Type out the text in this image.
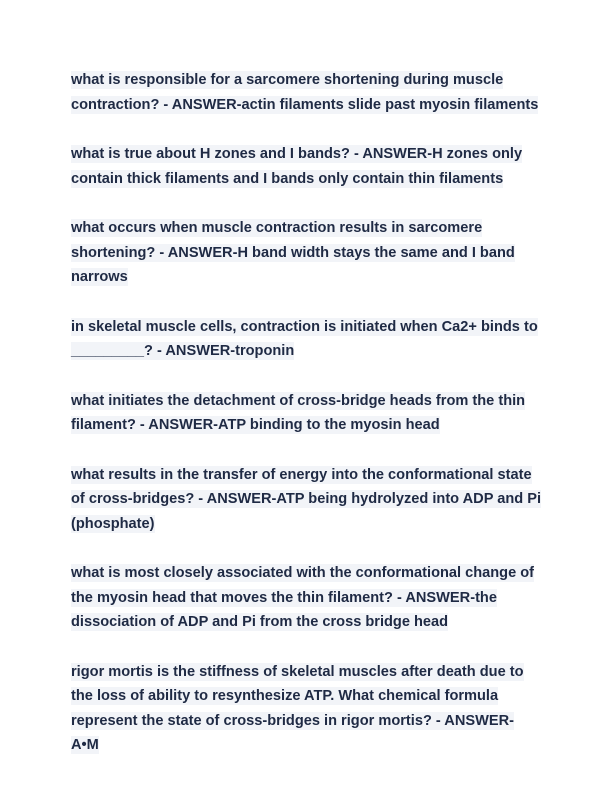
what is responsible for a sarcomere shortening during muscle contraction? - ANSWER-actin filaments slide past myosin filaments

what is true about H zones and I bands? - ANSWER-H zones only contain thick filaments and I bands only contain thin filaments

what occurs when muscle contraction results in sarcomere shortening? - ANSWER-H band width stays the same and I band narrows

in skeletal muscle cells, contraction is initiated when Ca2+ binds to _________? - ANSWER-troponin

what initiates the detachment of cross-bridge heads from the thin filament? - ANSWER-ATP binding to the myosin head

what results in the transfer of energy into the conformational state of cross-bridges? - ANSWER-ATP being hydrolyzed into ADP and Pi (phosphate)

what is most closely associated with the conformational change of the myosin head that moves the thin filament? - ANSWER-the dissociation of ADP and Pi from the cross bridge head

rigor mortis is the stiffness of skeletal muscles after death due to the loss of ability to resynthesize ATP. What chemical formula represent the state of cross-bridges in rigor mortis? - ANSWER-A•M
